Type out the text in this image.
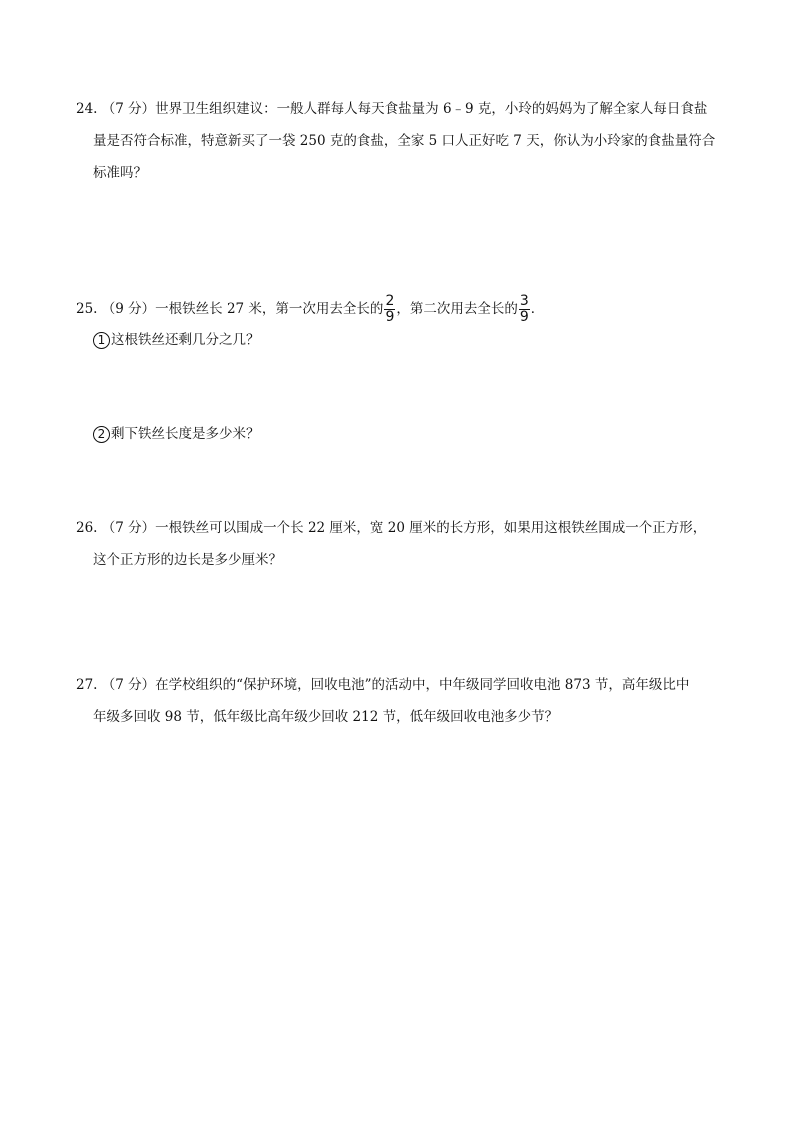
24. （7 分）世界卫生组织建议：一般人群每人每天食盐量为 6﹣9 克，小玲的妈妈为了解全家人每日食盐
量是否符合标准，特意新买了一袋 250 克的食盐，全家 5 口人正好吃 7 天，你认为小玲家的食盐量符合
标准吗？
25. （9 分）一根铁丝长 27 米，第一次用去全长的 $\frac{2}{9}$ ，第二次用去全长的 $\frac{3}{9}$ ．
1 这根铁丝还剩几分之几？
2 剩下铁丝长度是多少米？
26. （7 分）一根铁丝可以围成一个长 22 厘米，宽 20 厘米的长方形，如果用这根铁丝围成一个正方形，
这个正方形的边长是多少厘米？
27. （7 分）在学校组织的“保护环境，回收电池”的活动中，中年级同学回收电池 873 节，高年级比中
年级多回收 98 节，低年级比高年级少回收 212 节，低年级回收电池多少节？
